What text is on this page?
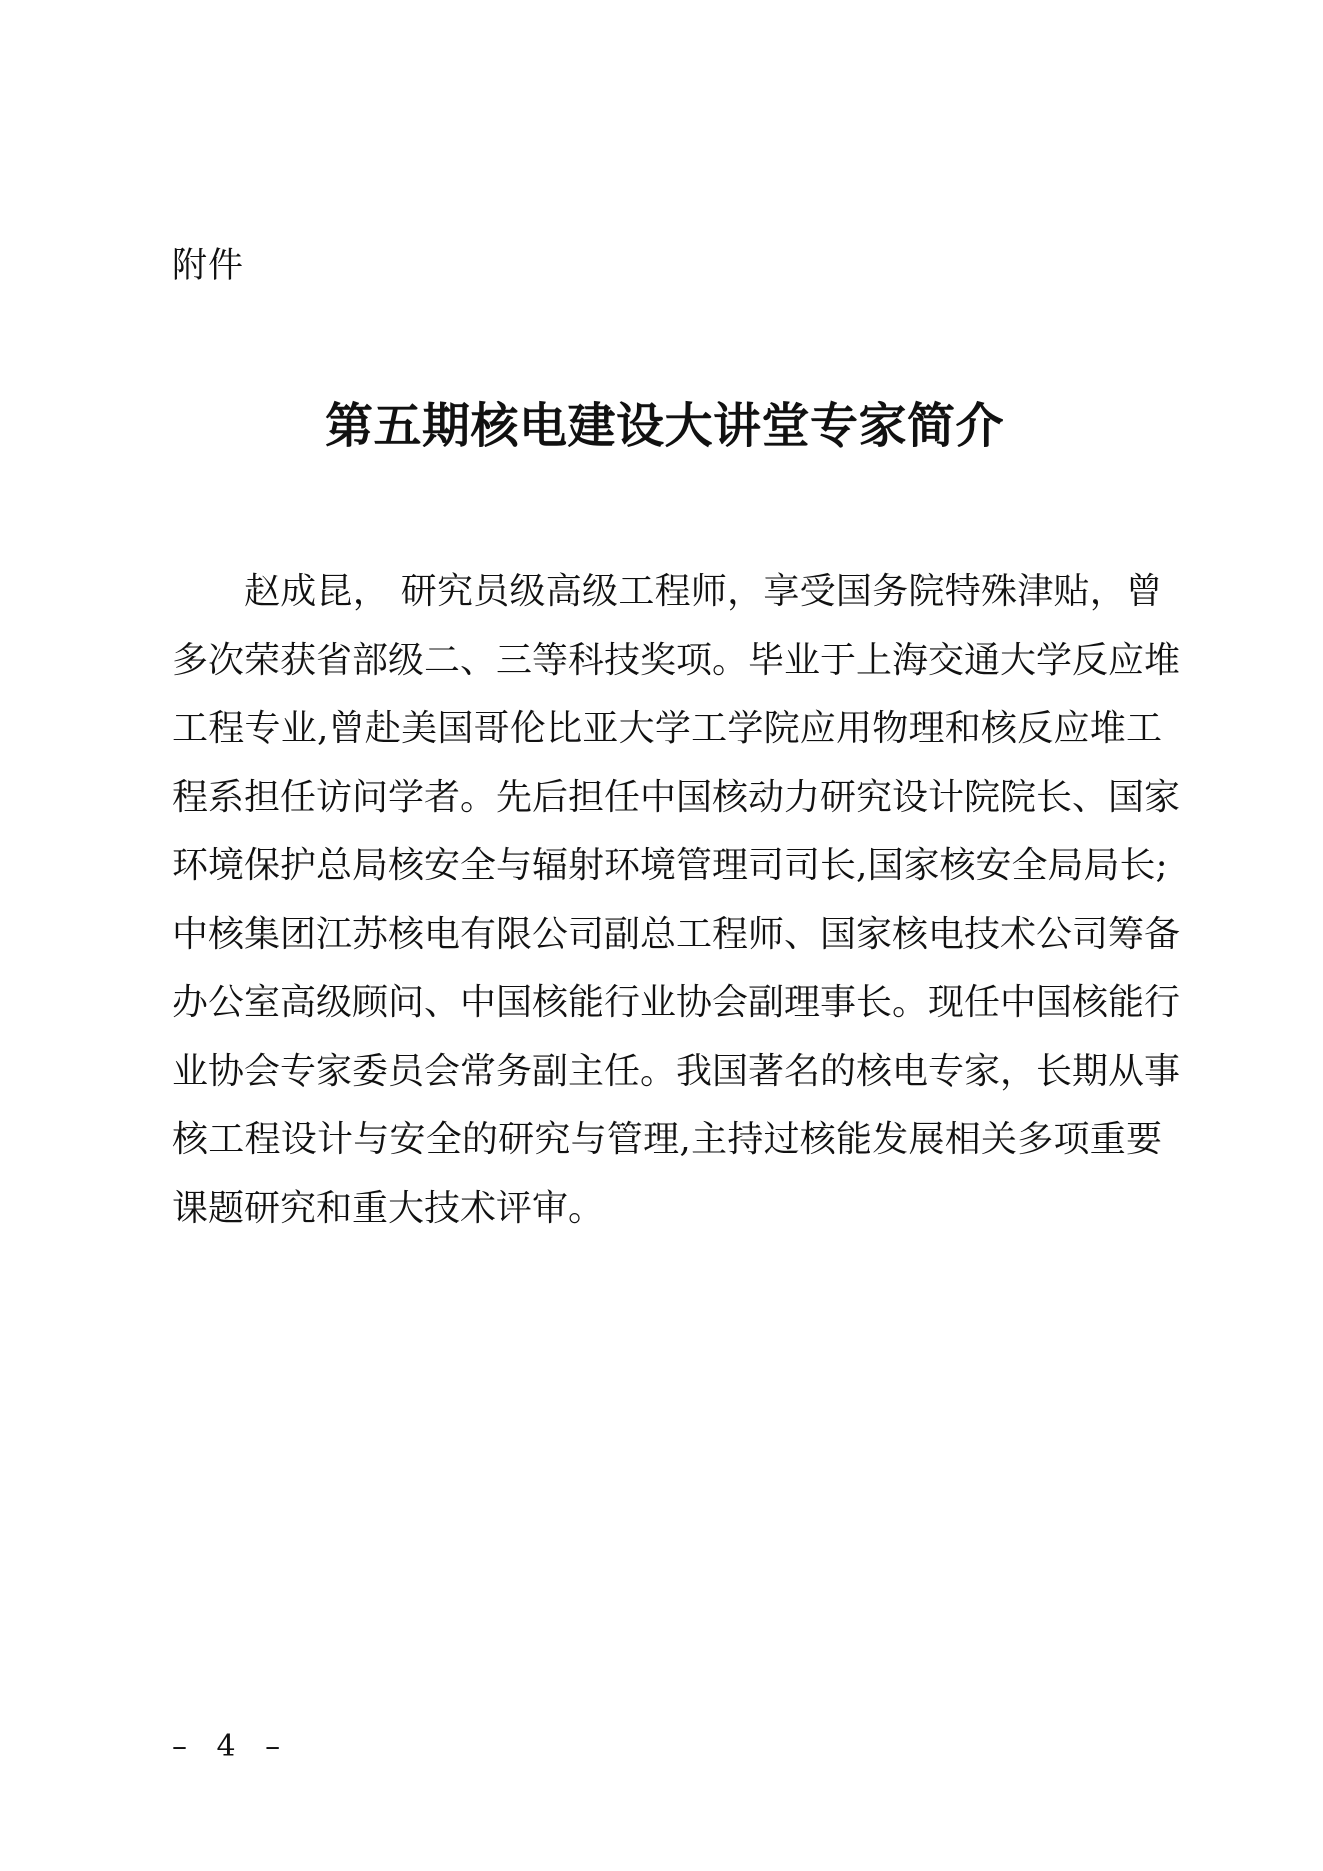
附件

第五期核电建设大讲堂专家简介
赵成昆， 研究员级高级工程师，享受国务院特殊津贴，曾
多次荣获省部级二、三等科技奖项。毕业于上海交通大学反应堆
工程专业,曾赴美国哥伦比亚大学工学院应用物理和核反应堆工
程系担任访问学者。先后担任中国核动力研究设计院院长、国家
环境保护总局核安全与辐射环境管理司司长,国家核安全局局长;
中核集团江苏核电有限公司副总工程师、国家核电技术公司筹备
办公室高级顾问、中国核能行业协会副理事长。现任中国核能行
业协会专家委员会常务副主任。我国著名的核电专家，长期从事
核工程设计与安全的研究与管理,主持过核能发展相关多项重要
课题研究和重大技术评审。

– 4 –
